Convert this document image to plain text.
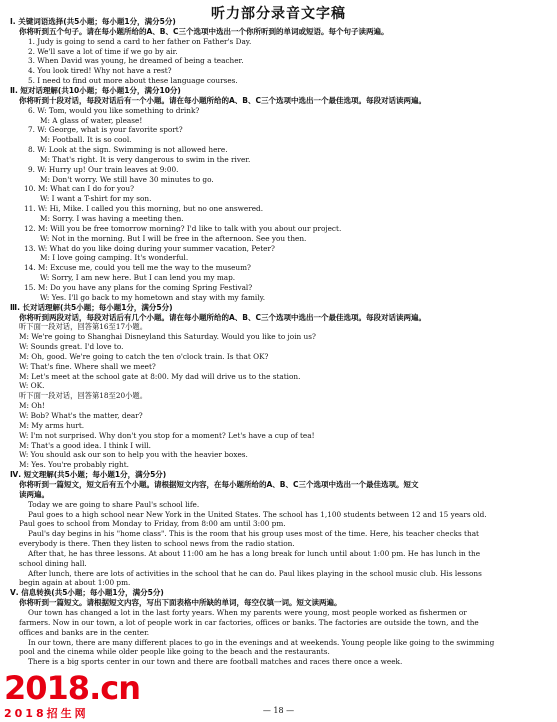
听力部分录音文字稿
Ⅰ. 关键词语选择(共5小题；每小题1分，满分5分)
你将听到五个句子。请在每小题所给的A、B、C三个选项中选出一个你所听到的单词或短语。每个句子读两遍。
1. Judy is going to send a card to her father on Father's Day.
2. We'll save a lot of time if we go by air.
3. When David was young, he dreamed of being a teacher.
4. You look tired! Why not have a rest?
5. I need to find out more about these language courses.
Ⅱ. 短对话理解(共10小题；每小题1分，满分10分)
你将听到十段对话，每段对话后有一个小题。请在每小题所给的A、B、C三个选项中选出一个最佳选项。每段对话读两遍。
6. W: Tom, would you like something to drink?
M: A glass of water, please!
7. W: George, what is your favorite sport?
M: Football. It is so cool.
8. W: Look at the sign. Swimming is not allowed here.
M: That's right. It is very dangerous to swim in the river.
9. W: Hurry up! Our train leaves at 9:00.
M: Don't worry. We still have 30 minutes to go.
10. M: What can I do for you?
W: I want a T-shirt for my son.
11. W: Hi, Mike. I called you this morning, but no one answered.
M: Sorry. I was having a meeting then.
12. M: Will you be free tomorrow morning? I'd like to talk with you about our project.
W: Not in the morning. But I will be free in the afternoon. See you then.
13. W: What do you like doing during your summer vacation, Peter?
M: I love going camping. It's wonderful.
14. M: Excuse me, could you tell me the way to the museum?
W: Sorry, I am new here. But I can lend you my map.
15. M: Do you have any plans for the coming Spring Festival?
W: Yes. I'll go back to my hometown and stay with my family.
Ⅲ. 长对话理解(共5小题；每小题1分，满分5分)
你将听到两段对话，每段对话后有几个小题。请在每小题所给的A、B、C三个选项中选出一个最佳选项。每段对话读两遍。
听下面一段对话，回答第16至17小题。
M: We're going to Shanghai Disneyland this Saturday. Would you like to join us?
W: Sounds great. I'd love to.
M: Oh, good. We're going to catch the ten o'clock train. Is that OK?
W: That's fine. Where shall we meet?
M: Let's meet at the school gate at 8:00. My dad will drive us to the station.
W: OK.
听下面一段对话，回答第18至20小题。
M: Oh!
W: Bob? What's the matter, dear?
M: My arms hurt.
W: I'm not surprised. Why don't you stop for a moment? Let's have a cup of tea!
M: That's a good idea. I think I will.
W: You should ask our son to help you with the heavier boxes.
M: Yes. You're probably right.
Ⅳ. 短文理解(共5小题；每小题1分，满分5分)
你将听到一篇短文，短文后有五个小题。请根据短文内容，在每小题所给的A、B、C三个选项中选出一个最佳选项。短文
读两遍。
Today we are going to share Paul's school life.
Paul goes to a high school near New York in the United States. The school has 1,100 students between 12 and 15 years old.
Paul goes to school from Monday to Friday, from 8:00 am until 3:00 pm.
Paul's day begins in his "home class". This is the room that his group uses most of the time. Here, his teacher checks that
everybody is there. Then they listen to school news from the radio station.
After that, he has three lessons. At about 11:00 am he has a long break for lunch until about 1:00 pm. He has lunch in the
school dining hall.
After lunch, there are lots of activities in the school that he can do. Paul likes playing in the school music club. His lessons
begin again at about 1:00 pm.
Ⅴ. 信息转换(共5小题；每小题1分，满分5分)
你将听到一篇短文。请根据短文内容，写出下面表格中所缺的单词，每空仅填一词。短文读两遍。
Our town has changed a lot in the last forty years. When my parents were young, most people worked as fishermen or
farmers. Now in our town, a lot of people work in car factories, offices or banks. The factories are outside the town, and the
offices and banks are in the center.
In our town, there are many different places to go in the evenings and at weekends. Young people like going to the swimming
pool and the cinema while older people like going to the beach and the restaurants.
There is a big sports center in our town and there are football matches and races there once a week.
— 18 —
2018.cn
2018招生网
